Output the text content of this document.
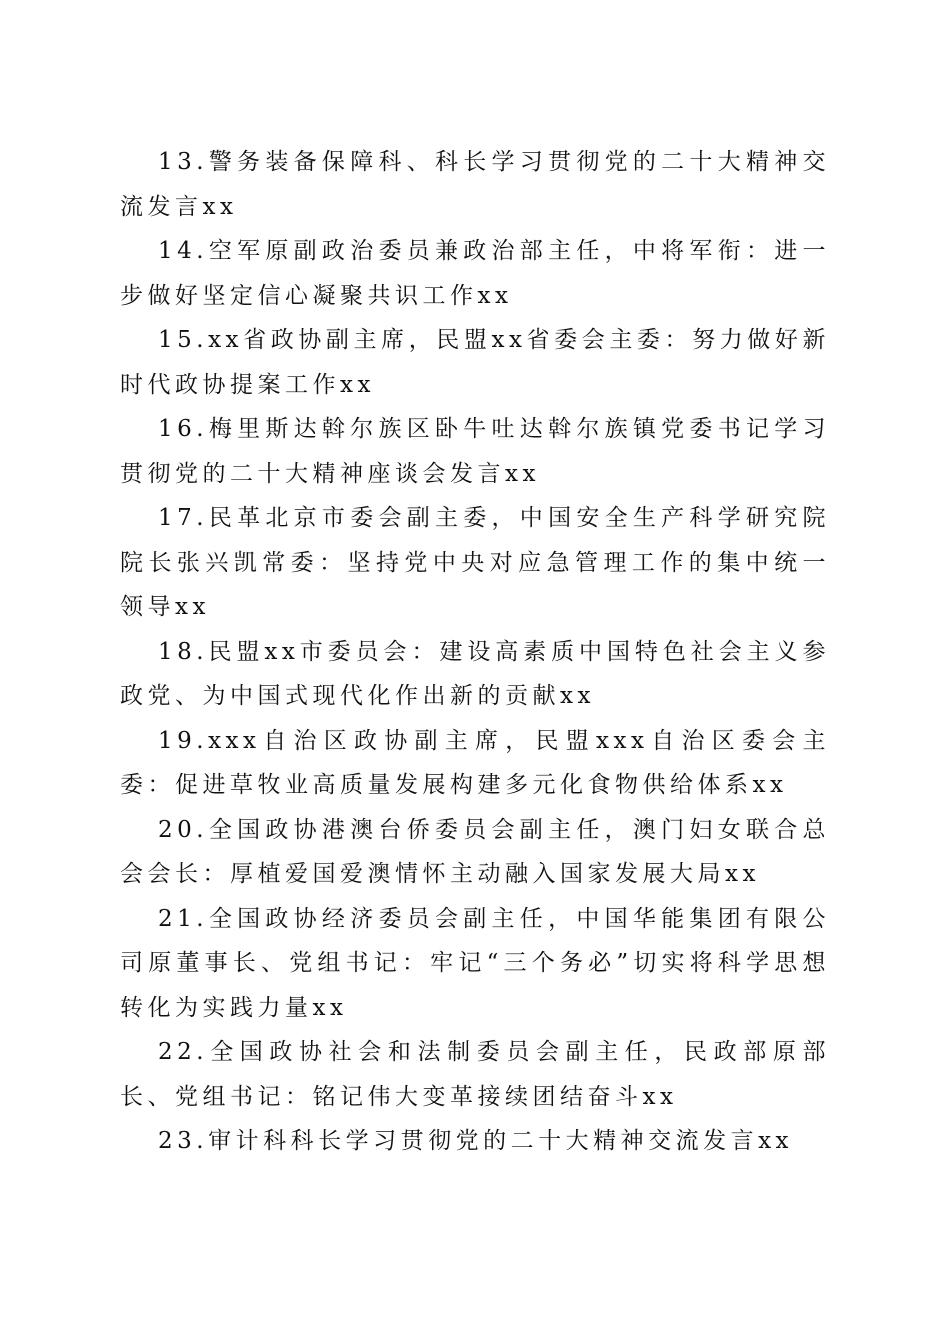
13.警务装备保障科、科长学习贯彻党的二十大精神交流发言xx

14.空军原副政治委员兼政治部主任，中将军衔：进一步做好坚定信心凝聚共识工作xx

15.xx省政协副主席，民盟xx省委会主委：努力做好新时代政协提案工作xx

16.梅里斯达斡尔族区卧牛吐达斡尔族镇党委书记学习贯彻党的二十大精神座谈会发言xx

17.民革北京市委会副主委，中国安全生产科学研究院院长张兴凯常委：坚持党中央对应急管理工作的集中统一领导xx

18.民盟xx市委员会：建设高素质中国特色社会主义参政党、为中国式现代化作出新的贡献xx

19.xxx自治区政协副主席，民盟xxx自治区委会主委：促进草牧业高质量发展构建多元化食物供给体系xx

20.全国政协港澳台侨委员会副主任，澳门妇女联合总会会长：厚植爱国爱澳情怀主动融入国家发展大局xx

21.全国政协经济委员会副主任，中国华能集团有限公司原董事长、党组书记：牢记“三个务必”切实将科学思想转化为实践力量xx

22.全国政协社会和法制委员会副主任，民政部原部长、党组书记：铭记伟大变革接续团结奋斗xx

23.审计科科长学习贯彻党的二十大精神交流发言xx
